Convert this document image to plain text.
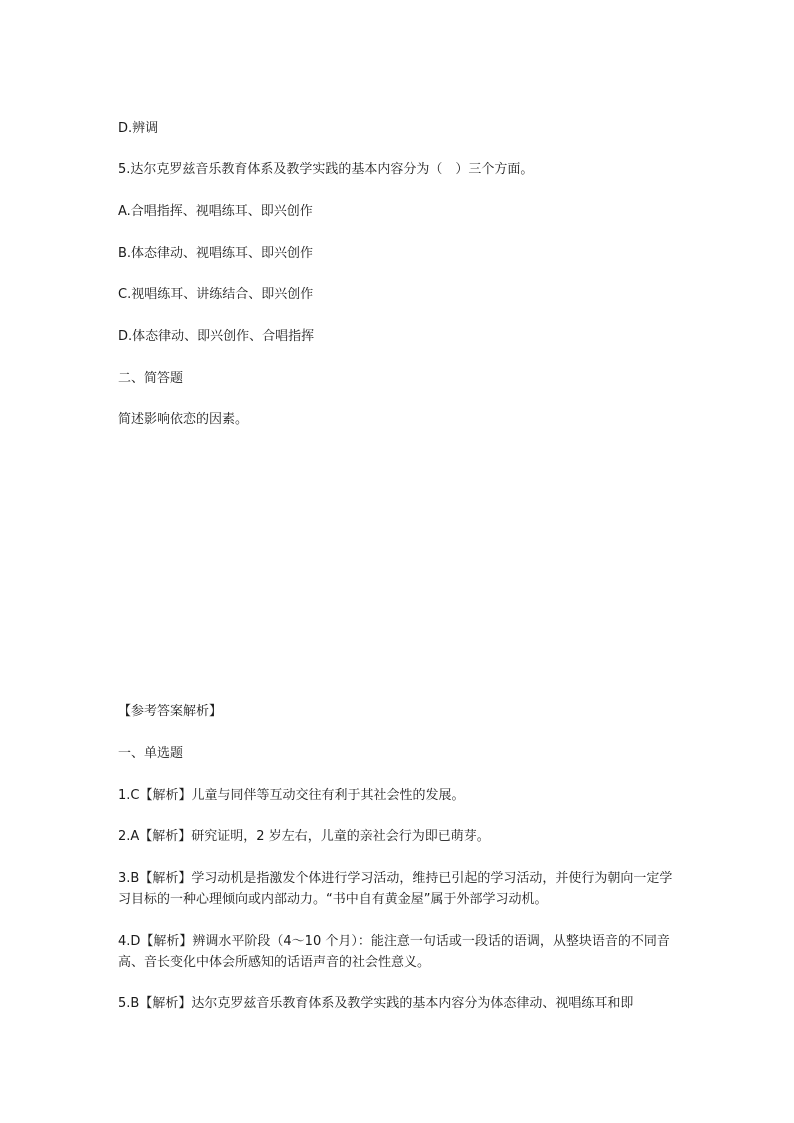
D.辨调

5.达尔克罗兹音乐教育体系及教学实践的基本内容分为（　）三个方面。

A.合唱指挥、视唱练耳、即兴创作

B.体态律动、视唱练耳、即兴创作

C.视唱练耳、讲练结合、即兴创作

D.体态律动、即兴创作、合唱指挥

二、简答题

简述影响依恋的因素。

【参考答案解析】

一、单选题

1.C【解析】儿童与同伴等互动交往有利于其社会性的发展。

2.A【解析】研究证明，2 岁左右，儿童的亲社会行为即已萌芽。

3.B【解析】学习动机是指激发个体进行学习活动，维持已引起的学习活动，并使行为朝向一定学习目标的一种心理倾向或内部动力。“书中自有黄金屋”属于外部学习动机。

4.D【解析】辨调水平阶段（4～10 个月）：能注意一句话或一段话的语调，从整块语音的不同音高、音长变化中体会所感知的话语声音的社会性意义。

5.B【解析】达尔克罗兹音乐教育体系及教学实践的基本内容分为体态律动、视唱练耳和即
